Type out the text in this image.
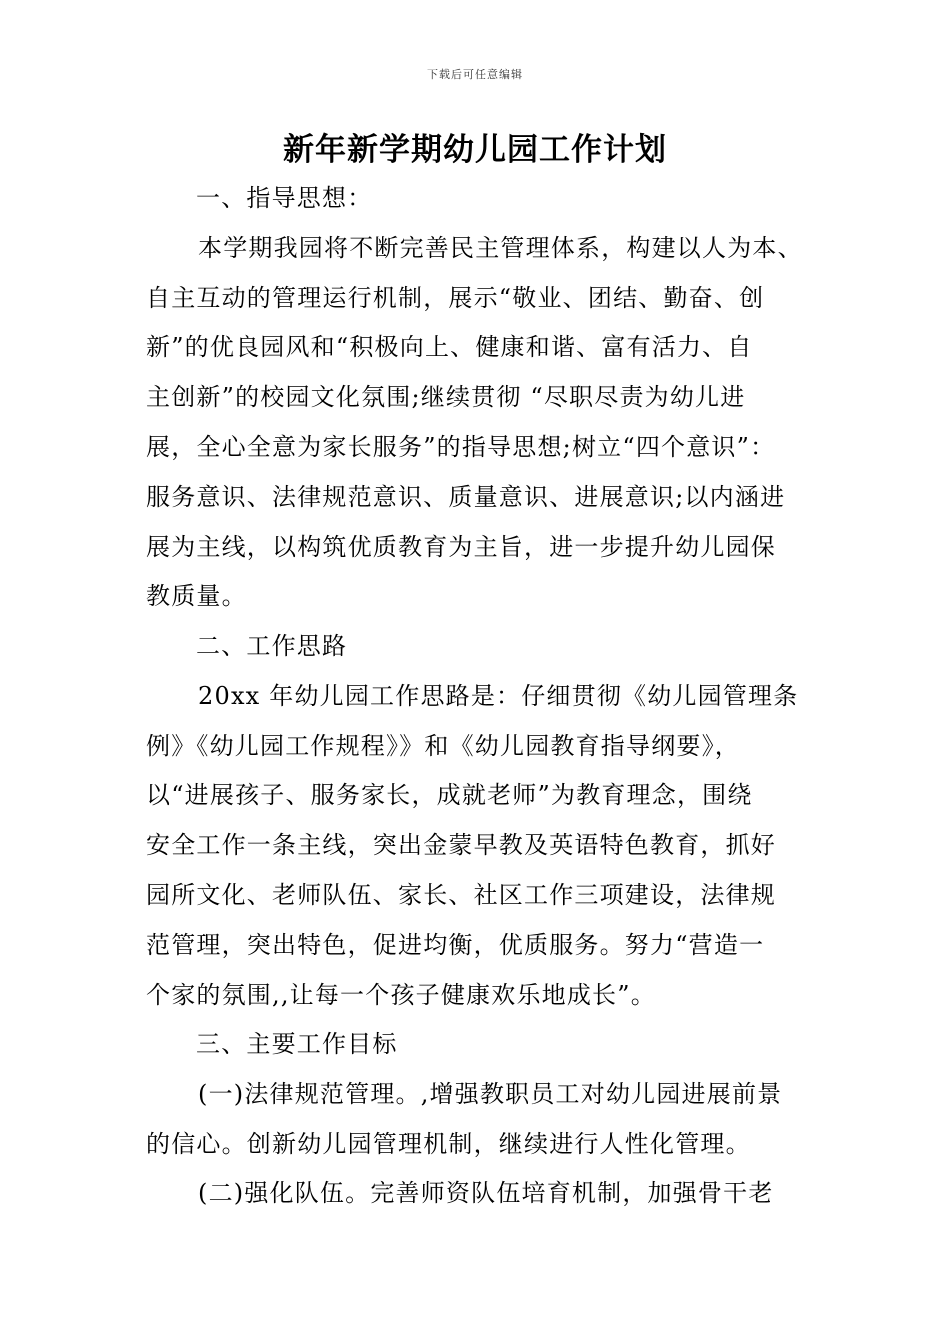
下载后可任意编辑
新年新学期幼儿园工作计划
一、指导思想：
本学期我园将不断完善民主管理体系，构建以人为本、
自主互动的管理运行机制，展示“敬业、团结、勤奋、创
新”的优良园风和“积极向上、健康和谐、富有活力、自
主创新”的校园文化氛围;继续贯彻 “尽职尽责为幼儿进
展，全心全意为家长服务”的指导思想;树立“四个意识”：
服务意识、法律规范意识、质量意识、进展意识;以内涵进
展为主线，以构筑优质教育为主旨，进一步提升幼儿园保
教质量。
二、工作思路
20xx 年幼儿园工作思路是：仔细贯彻《幼儿园管理条
例》《幼儿园工作规程》》和《幼儿园教育指导纲要》，
以“进展孩子、服务家长，成就老师”为教育理念，围绕
安全工作一条主线，突出金蒙早教及英语特色教育，抓好
园所文化、老师队伍、家长、社区工作三项建设，法律规
范管理，突出特色，促进均衡，优质服务。努力“营造一
个家的氛围,,让每一个孩子健康欢乐地成长”。
三、主要工作目标
(一)法律规范管理。,增强教职员工对幼儿园进展前景
的信心。创新幼儿园管理机制，继续进行人性化管理。
(二)强化队伍。完善师资队伍培育机制，加强骨干老
